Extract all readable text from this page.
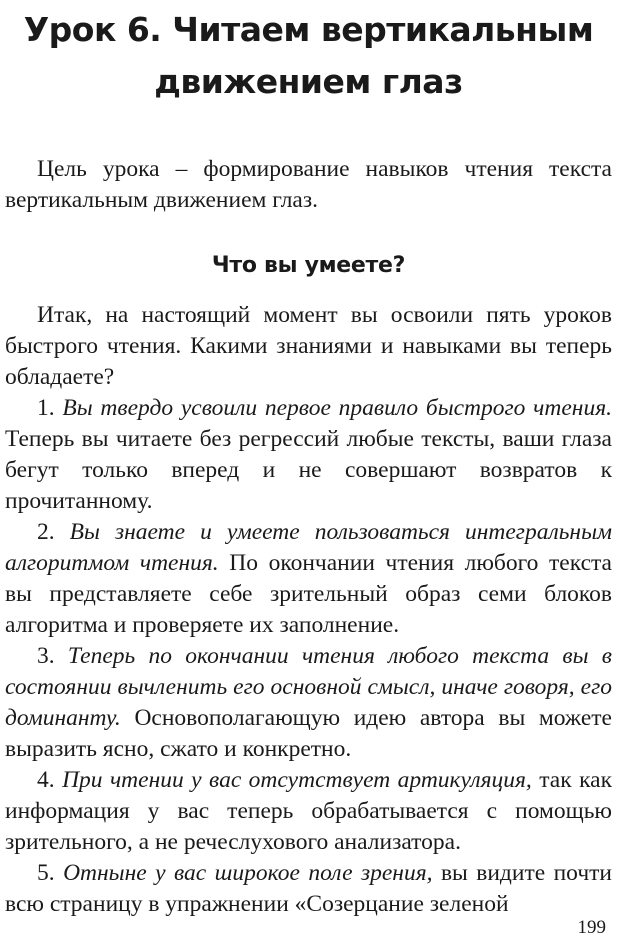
Урок 6. Читаем вертикальным
движением глаз

Цель урока – формирование навыков чтения текста вертикальным движением глаз.

Что вы умеете?

Итак, на настоящий момент вы освоили пять уроков быстрого чтения. Какими знаниями и навыками вы теперь обладаете?

1. Вы твердо усвоили первое правило быстрого чтения. Теперь вы читаете без регрессий любые тексты, ваши глаза бегут только вперед и не совершают возвратов к прочитанному.

2. Вы знаете и умеете пользоваться интегральным алгоритмом чтения. По окончании чтения любого текста вы представляете себе зрительный образ семи блоков алгоритма и проверяете их заполнение.

3. Теперь по окончании чтения любого текста вы в состоянии вычленить его основной смысл, иначе говоря, его доминанту. Основополагающую идею автора вы можете выразить ясно, сжато и конкретно.

4. При чтении у вас отсутствует артикуляция, так как информация у вас теперь обрабатывается с помощью зрительного, а не речеслухового анализатора.

5. Отныне у вас широкое поле зрения, вы видите почти всю страницу в упражнении «Созерцание зеленой

199
